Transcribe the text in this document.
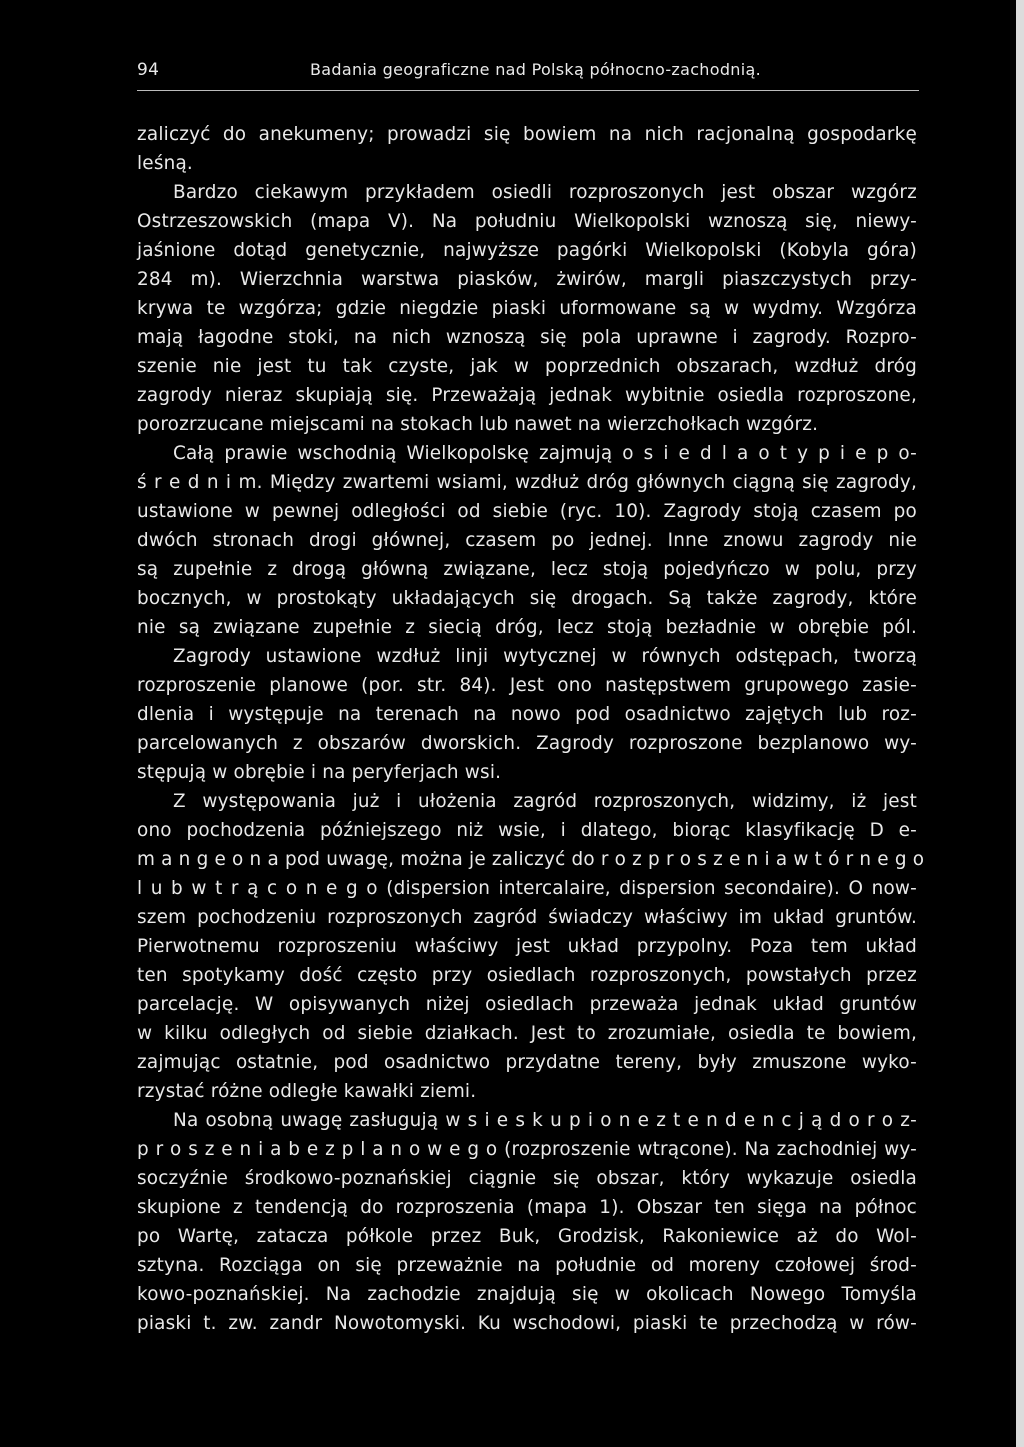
94	Badania geograficzne nad Polską północno-zachodnią.
zaliczyć do anekumeny; prowadzi się bowiem na nich racjonalną gospodarkę
leśną.
Bardzo ciekawym przykładem osiedli rozproszonych jest obszar wzgórz
Ostrzeszowskich (mapa V). Na południu Wielkopolski wznoszą się, niewy-
jaśnione dotąd genetycznie, najwyższe pagórki Wielkopolski (Kobyla góra)
284 m). Wierzchnia warstwa piasków, żwirów, margli piaszczystych przy-
krywa te wzgórza; gdzie niegdzie piaski uformowane są w wydmy. Wzgórza
mają łagodne stoki, na nich wznoszą się pola uprawne i zagrody. Rozpro-
szenie nie jest tu tak czyste, jak w poprzednich obszarach, wzdłuż dróg
zagrody nieraz skupiają się. Przeważają jednak wybitnie osiedla rozproszone,
porozrzucane miejscami na stokach lub nawet na wierzchołkach wzgórz.
Całą prawie wschodnią Wielkopolskę zajmują o s i e d l a o t y p i e p o-
ś r e d n i m. Między zwartemi wsiami, wzdłuż dróg głównych ciągną się zagrody,
ustawione w pewnej odległości od siebie (ryc. 10). Zagrody stoją czasem po
dwóch stronach drogi głównej, czasem po jednej. Inne znowu zagrody nie
są zupełnie z drogą główną związane, lecz stoją pojedyńczo w polu, przy
bocznych, w prostokąty układających się drogach. Są także zagrody, które
nie są związane zupełnie z siecią dróg, lecz stoją bezładnie w obrębie pól.
Zagrody ustawione wzdłuż linji wytycznej w równych odstępach, tworzą
rozproszenie planowe (por. str. 84). Jest ono następstwem grupowego zasie-
dlenia i występuje na terenach na nowo pod osadnictwo zajętych lub roz-
parcelowanych z obszarów dworskich. Zagrody rozproszone bezplanowo wy-
stępują w obrębie i na peryferjach wsi.
Z występowania już i ułożenia zagród rozproszonych, widzimy, iż jest
ono pochodzenia późniejszego niż wsie, i dlatego, biorąc klasyfikację D e-
m a n g e o n a pod uwagę, można je zaliczyć do r o z p r o s z e n i a w t ó r n e g o
l u b w t r ą c o n e g o (dispersion intercalaire, dispersion secondaire). O now-
szem pochodzeniu rozproszonych zagród świadczy właściwy im układ gruntów.
Pierwotnemu rozproszeniu właściwy jest układ przypolny. Poza tem układ
ten spotykamy dość często przy osiedlach rozproszonych, powstałych przez
parcelację. W opisywanych niżej osiedlach przeważa jednak układ gruntów
w kilku odległych od siebie działkach. Jest to zrozumiałe, osiedla te bowiem,
zajmując ostatnie, pod osadnictwo przydatne tereny, były zmuszone wyko-
rzystać różne odległe kawałki ziemi.
Na osobną uwagę zasługują w s i e s k u p i o n e z t e n d e n c j ą d o r o z-
p r o s z e n i a b e z p l a n o w e g o (rozproszenie wtrącone). Na zachodniej wy-
soczyźnie środkowo-poznańskiej ciągnie się obszar, który wykazuje osiedla
skupione z tendencją do rozproszenia (mapa 1). Obszar ten sięga na północ
po Wartę, zatacza półkole przez Buk, Grodzisk, Rakoniewice aż do Wol-
sztyna. Rozciąga on się przeważnie na południe od moreny czołowej środ-
kowo-poznańskiej. Na zachodzie znajdują się w okolicach Nowego Tomyśla
piaski t. zw. zandr Nowotomyski. Ku wschodowi, piaski te przechodzą w rów-
